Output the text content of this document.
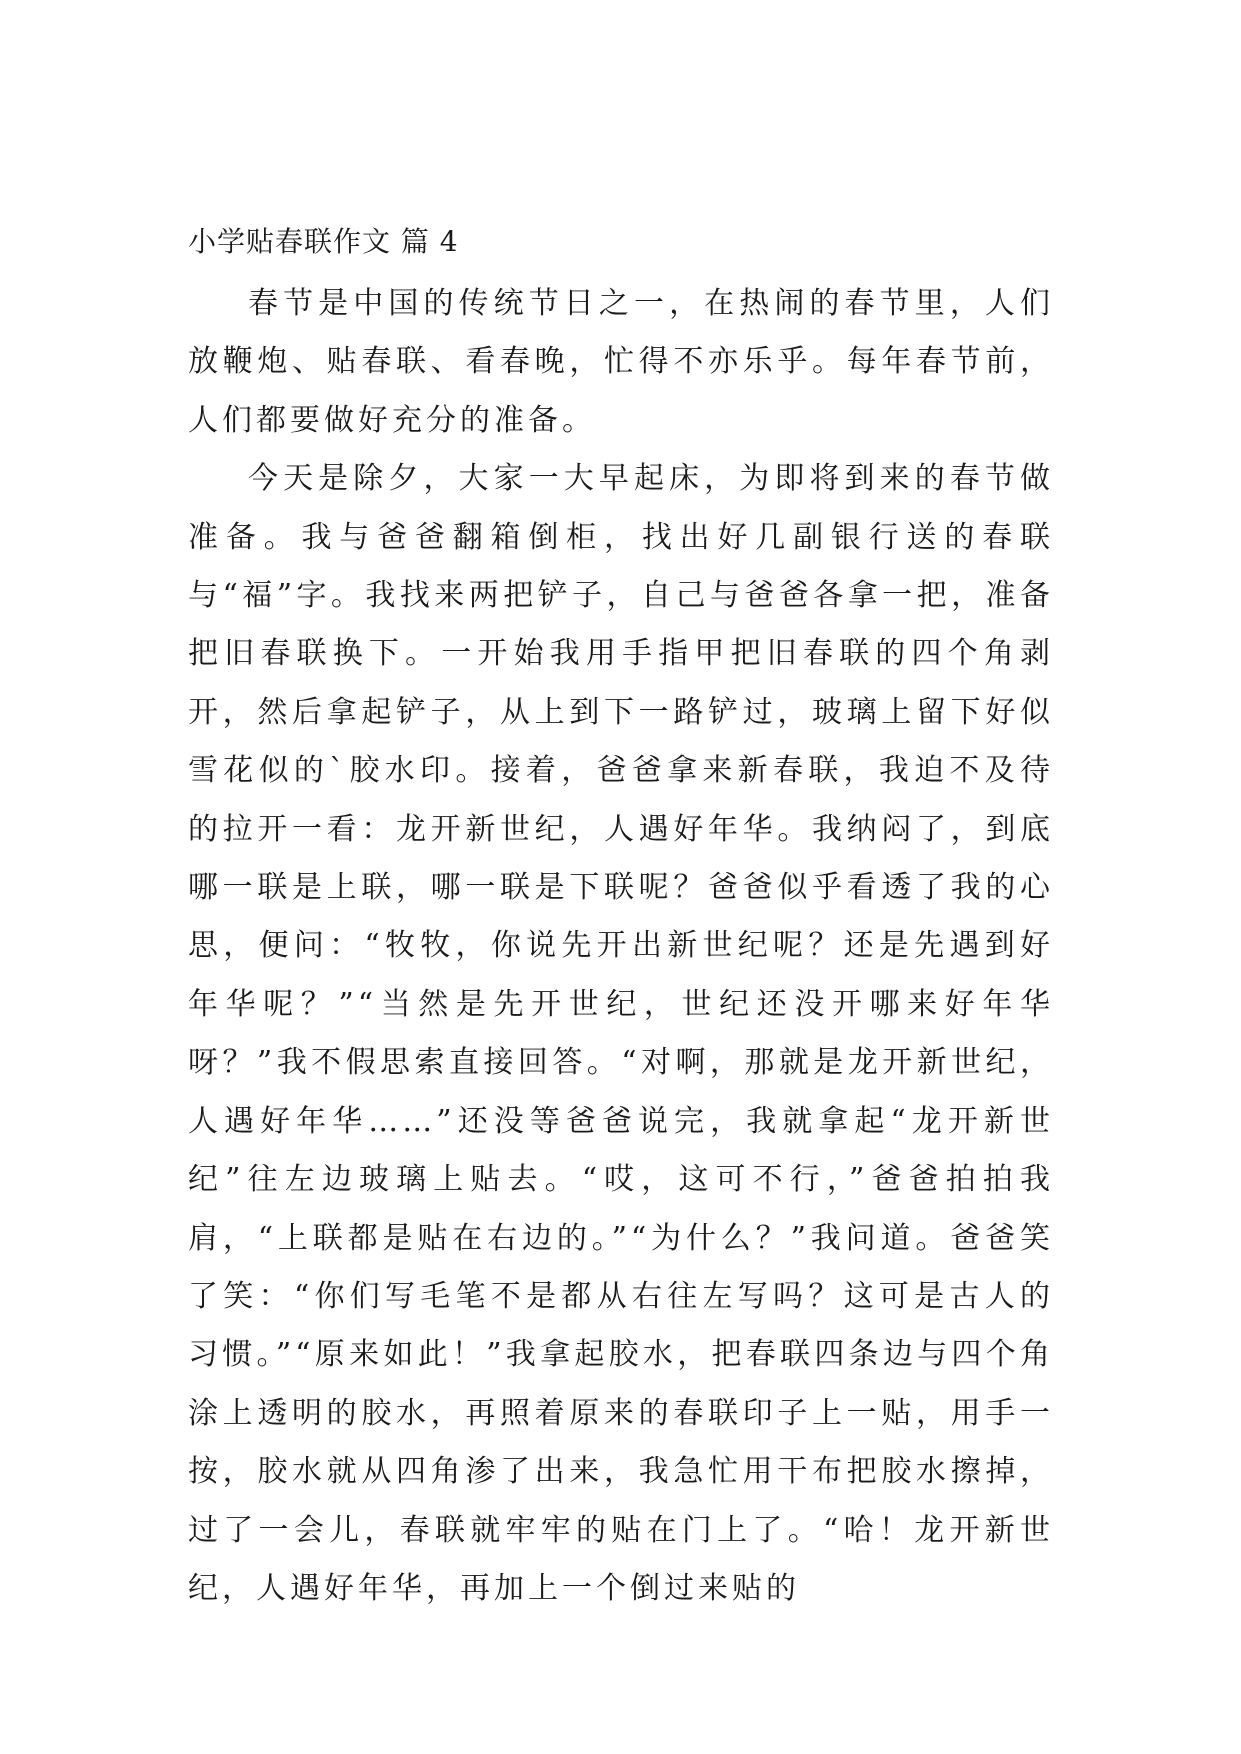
小学贴春联作文 篇 4

春节是中国的传统节日之一，在热闹的春节里，人们放鞭炮、贴春联、看春晚，忙得不亦乐乎。每年春节前，人们都要做好充分的准备。

今天是除夕，大家一大早起床，为即将到来的春节做准备。我与爸爸翻箱倒柜，找出好几副银行送的春联与“福”字。我找来两把铲子，自己与爸爸各拿一把，准备把旧春联换下。一开始我用手指甲把旧春联的四个角剥开，然后拿起铲子，从上到下一路铲过，玻璃上留下好似雪花似的`胶水印。接着，爸爸拿来新春联，我迫不及待的拉开一看：龙开新世纪，人遇好年华。我纳闷了，到底哪一联是上联，哪一联是下联呢？爸爸似乎看透了我的心思，便问：“牧牧，你说先开出新世纪呢？还是先遇到好年华呢？”“当然是先开世纪，世纪还没开哪来好年华呀？”我不假思索直接回答。“对啊，那就是龙开新世纪，人遇好年华……”还没等爸爸说完，我就拿起“龙开新世纪”往左边玻璃上贴去。“哎，这可不行，”爸爸拍拍我肩，“上联都是贴在右边的。”“为什么？”我问道。爸爸笑了笑：“你们写毛笔不是都从右往左写吗？这可是古人的习惯。”“原来如此！”我拿起胶水，把春联四条边与四个角涂上透明的胶水，再照着原来的春联印子上一贴，用手一按，胶水就从四角渗了出来，我急忙用干布把胶水擦掉，过了一会儿，春联就牢牢的贴在门上了。“哈！龙开新世纪，人遇好年华，再加上一个倒过来贴的
